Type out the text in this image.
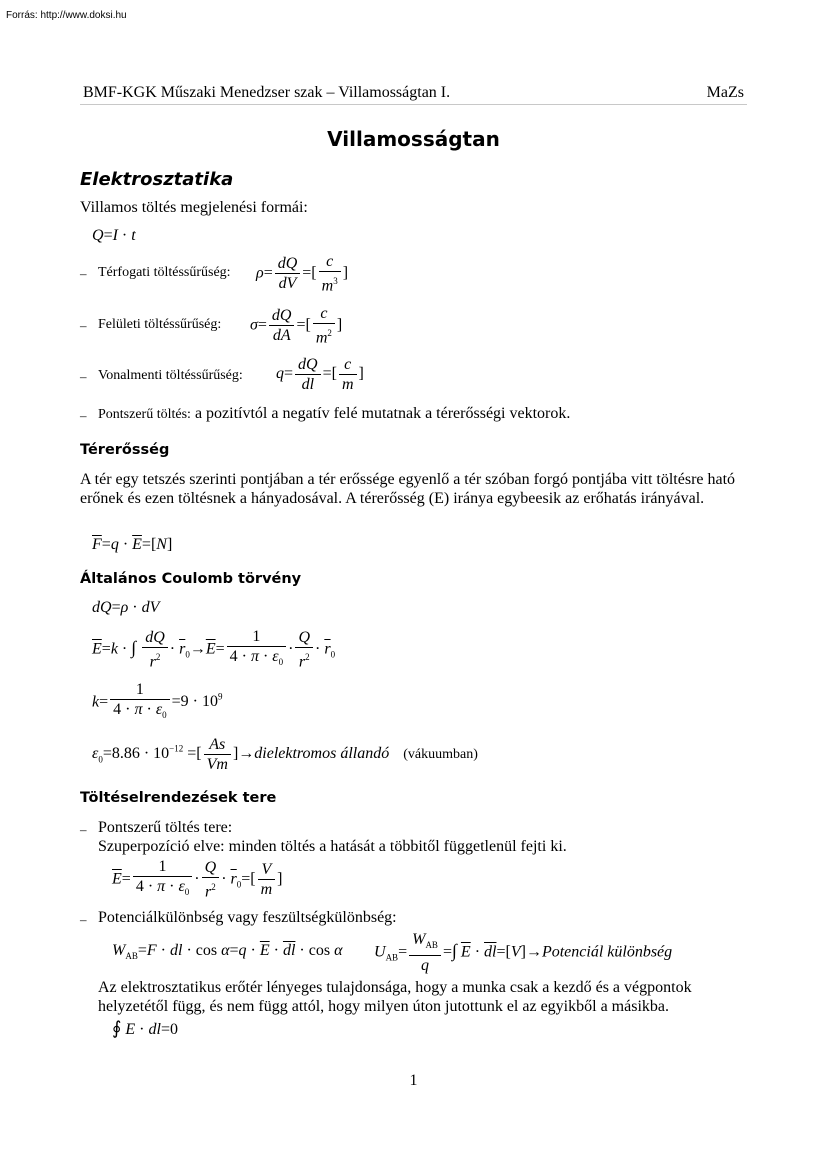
Forrás: http://www.doksi.hu
BMF-KGK Műszaki Menedzser szak – Villamosságtan I.	MaZs
Villamosságtan
Elektrosztatika
Villamos töltés megjelenési formái:
Q=I · t
– Térfogati töltéssűrűség: $\rho= \frac{dQ}{dV}$ =[ $\frac{c}{m^3}$ ]
– Felületi töltéssűrűség: $\sigma= \frac{dQ}{dA}$ =[ $\frac{c}{m^2}$ ]
– Vonalmenti töltéssűrűség: $q= \frac{dQ}{dl}$ =[ $\frac{c}{m}$ ]
– Pontszerű töltés: a pozitívtól a negatív felé mutatnak a térerősségi vektorok.
Térerősség
A tér egy tetszés szerinti pontjában a tér erőssége egyenlő a tér szóban forgó pontjába vitt töltésre ható erőnek és ezen töltésnek a hányadosával. A térerősség (E) iránya egybeesik az erőhatás irányával.
$\overline{F}=q \cdot \overline{E}=[N]$
Általános Coulomb törvény
dQ=ρ · dV
$\overline{E}=k$ · ∫ $\frac{dQ}{r^2} \cdot \overline{r}_0\to\overline{E}= \frac{1}{4 \cdot \pi \cdot \varepsilon_0} \cdot \frac{Q}{r^2} \cdot \overline{r}_0$
$k= \frac{1}{4 \cdot \pi \cdot \varepsilon_0} =9 \cdot 10^9$
$\varepsilon_0=8.86 \cdot 10^{-12}$ =[ $\frac{As}{Vm}$ ]→dielektromos állandó (vákuumban)
Töltéselrendezések tere
– Pontszerű töltés tere:
Szuperpozíció elve: minden töltés a hatását a többitől függetlenül fejti ki.
$\overline{E}= \frac{1}{4 \cdot \pi \cdot \varepsilon_0} \cdot \frac{Q}{r^2} \cdot \overline{r}_0=[ \frac{V}{m}$ ]
– Potenciálkülönbség vagy feszültségkülönbség:
$W_{AB}=F$ · dl · $\cos \alpha=q \cdot \overline{E} \cdot \overline{dl} \cdot \cos \alpha$ $U_{AB}= \frac{W_{AB}}{q}$ =∫ $\overline{E}$ · $\overline{dl}=[V]\to Potenciál$ különbség
Az elektrosztatikus erőtér lényeges tulajdonsága, hogy a munka csak a kezdő és a végpontok helyzetétől függ, és nem függ attól, hogy milyen úton jutottunk el az egyikből a másikba.
∮ E · dl=0
1
